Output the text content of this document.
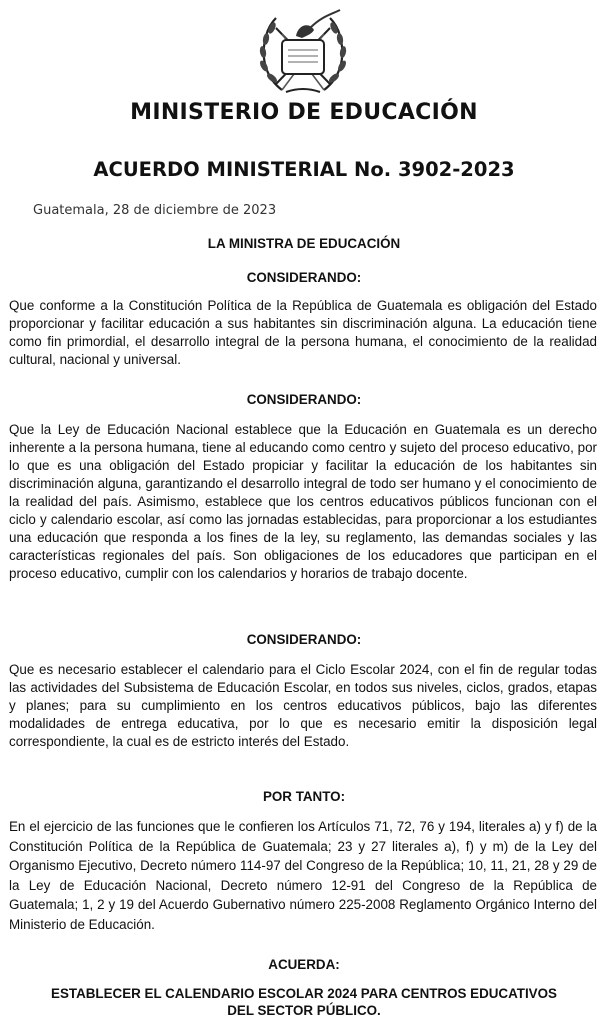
MINISTERIO DE EDUCACIÓN
ACUERDO MINISTERIAL No. 3902-2023
Guatemala, 28 de diciembre de 2023
LA MINISTRA DE EDUCACIÓN
CONSIDERANDO:
Que conforme a la Constitución Política de la República de Guatemala es obligación del Estado proporcionar y facilitar educación a sus habitantes sin discriminación alguna. La educación tiene como fin primordial, el desarrollo integral de la persona humana, el conocimiento de la realidad cultural, nacional y universal.
CONSIDERANDO:
Que la Ley de Educación Nacional establece que la Educación en Guatemala es un derecho inherente a la persona humana, tiene al educando como centro y sujeto del proceso educativo, por lo que es una obligación del Estado propiciar y facilitar la educación de los habitantes sin discriminación alguna, garantizando el desarrollo integral de todo ser humano y el conocimiento de la realidad del país. Asimismo, establece que los centros educativos públicos funcionan con el ciclo y calendario escolar, así como las jornadas establecidas, para proporcionar a los estudiantes una educación que responda a los fines de la ley, su reglamento, las demandas sociales y las características regionales del país. Son obligaciones de los educadores que participan en el proceso educativo, cumplir con los calendarios y horarios de trabajo docente.
CONSIDERANDO:
Que es necesario establecer el calendario para el Ciclo Escolar 2024, con el fin de regular todas las actividades del Subsistema de Educación Escolar, en todos sus niveles, ciclos, grados, etapas y planes; para su cumplimiento en los centros educativos públicos, bajo las diferentes modalidades de entrega educativa, por lo que es necesario emitir la disposición legal correspondiente, la cual es de estricto interés del Estado.
POR TANTO:
En el ejercicio de las funciones que le confieren los Artículos 71, 72, 76 y 194, literales a) y f) de la Constitución Política de la República de Guatemala; 23 y 27 literales a), f) y m) de la Ley del Organismo Ejecutivo, Decreto número 114-97 del Congreso de la República; 10, 11, 21, 28 y 29 de la Ley de Educación Nacional, Decreto número 12-91 del Congreso de la República de Guatemala; 1, 2 y 19 del Acuerdo Gubernativo número 225-2008 Reglamento Orgánico Interno del Ministerio de Educación.
ACUERDA:
ESTABLECER EL CALENDARIO ESCOLAR 2024 PARA CENTROS EDUCATIVOS DEL SECTOR PÚBLICO.
